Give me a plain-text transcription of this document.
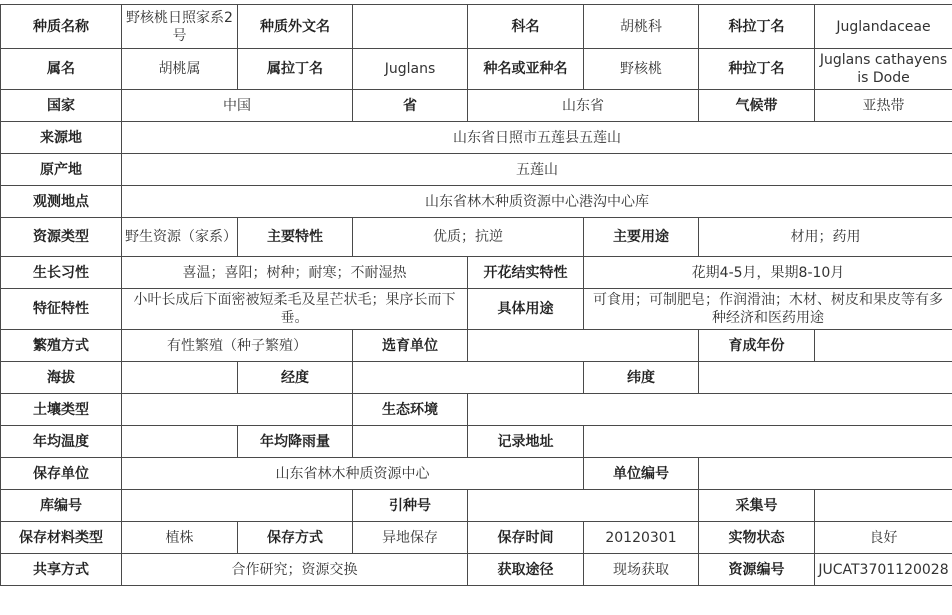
种质名称	野核桃日照家系2号	种质外文名		科名	胡桃科	科拉丁名	Juglandaceae
属名	胡桃属	属拉丁名	Juglans	种名或亚种名	野核桃	种拉丁名	Juglans cathayensis Dode
国家	中国		省	山东省		气候带	亚热带
来源地	山东省日照市五莲县五莲山						
原产地	五莲山						
观测地点	山东省林木种质资源中心港沟中心库						
资源类型	野生资源（家系）	主要特性	优质；抗逆		主要用途	材用；药用	
生长习性	喜温；喜阳；树种；耐寒；不耐湿热			开花结实特性	花期4-5月，果期8-10月		
特征特性	小叶长成后下面密被短柔毛及星芒状毛；果序长而下垂。			具体用途	可食用；可制肥皂；作润滑油；木材、树皮和果皮等有多种经济和医药用途		
繁殖方式	有性繁殖（种子繁殖）		选育单位			育成年份	
海拔		经度			纬度		
土壤类型			生态环境				
年均温度		年均降雨量		记录地址			
保存单位	山东省林木种质资源中心				单位编号		
库编号			引种号			采集号	
保存材料类型	植株	保存方式	异地保存	保存时间	20120301	实物状态	良好
共享方式	合作研究；资源交换			获取途径	现场获取	资源编号	JUCAT3701120028
